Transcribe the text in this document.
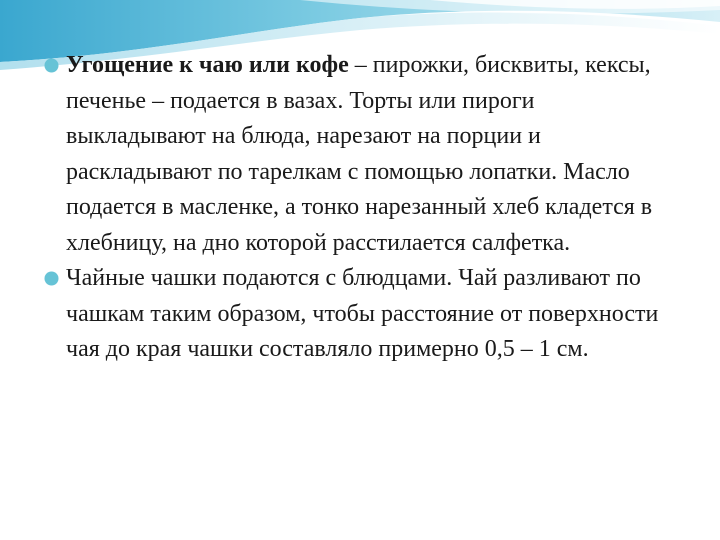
Угощение к чаю или кофе – пирожки, бисквиты, кексы, печенье – подается в вазах. Торты или пироги выкладывают на блюда, нарезают на порции и раскладывают по тарелкам с помощью лопатки. Масло подается в масленке, а тонко нарезанный хлеб кладется в хлебницу, на дно которой расстилается салфетка.
Чайные чашки подаются с блюдцами. Чай разливают по чашкам таким образом, чтобы расстояние от поверхности чая до края чашки составляло примерно 0,5 – 1 см.
